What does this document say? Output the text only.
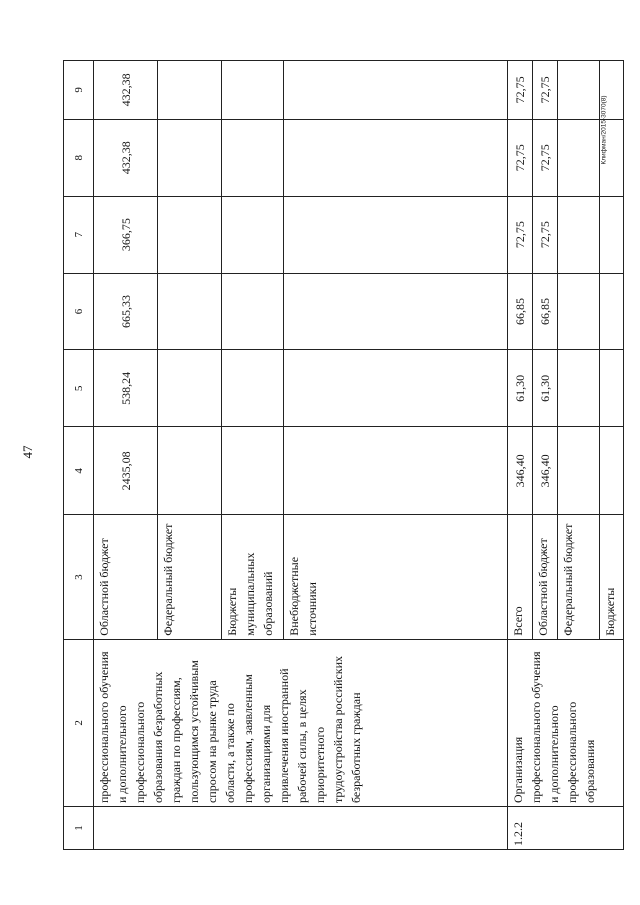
47
Клифман/2015-3070(8)
1	2	3	4	5	6	7	8	9
	профессионального обучения и дополнительного профессионального образования безработных граждан по профессиям, пользующимся устойчивым спросом на рынке труда области, а также по профессиям, заявленным организациями для привлечения иностранной рабочей силы, в целях приоритетного трудоустройства российских безработных граждан	Областной бюджет	2435,08	538,24	665,33	366,75	432,38	432,38
		Федеральный бюджет						
		Бюджеты муниципальных образований						
		Внебюджетные источники						
1.2.2	Организация профессионального обучения и дополнительного профессионального образования	Всего	346,40	61,30	66,85	72,75	72,75	72,75
		Областной бюджет	346,40	61,30	66,85	72,75	72,75	72,75
		Федеральный бюджет						
		Бюджеты						
